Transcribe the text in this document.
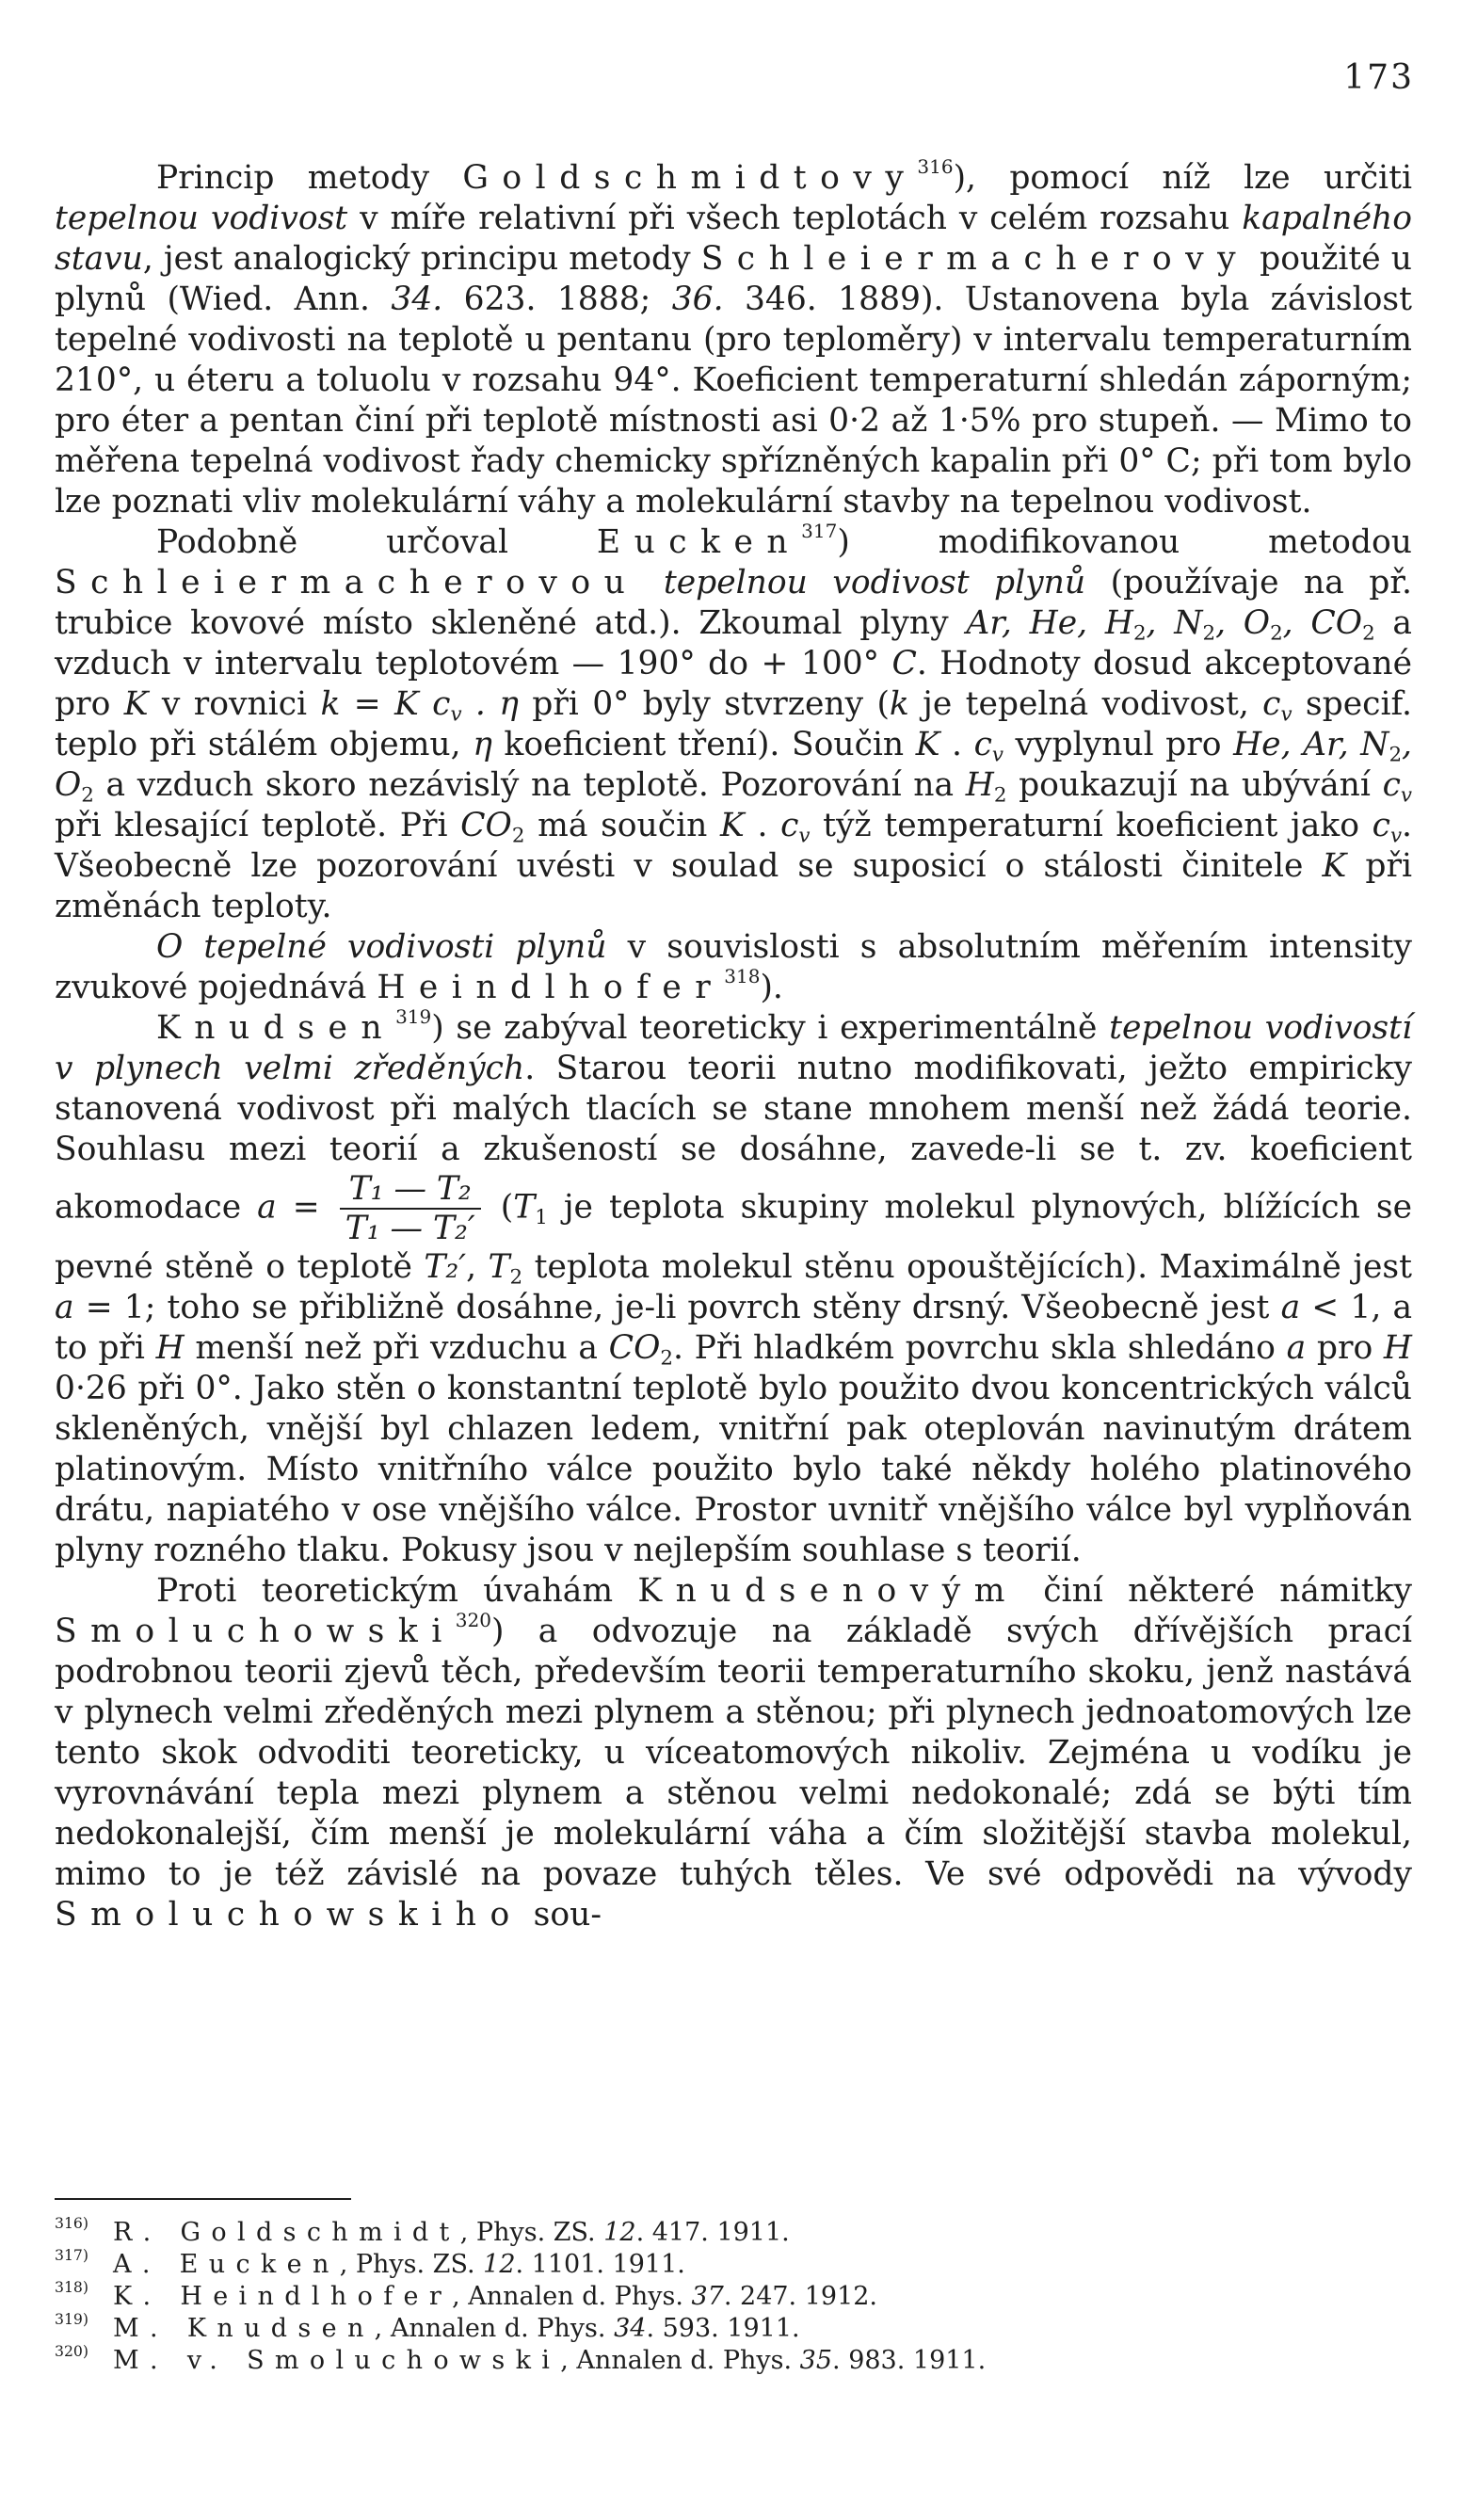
173

Princip metody Goldschmidtovy$^{316}$), pomocí níž lze určiti tepelnou vodivost v míře relativní při všech teplotách v celém rozsahu kapalného stavu, jest analogický principu metody Schleiermacherovy použité u plynů (Wied. Ann. 34. 623. 1888; 36. 346. 1889). Ustanovena byla závislost tepelné vodivosti na teplotě u pentanu (pro teploměry) v intervalu temperaturním 210°, u éteru a toluolu v rozsahu 94°. Koeficient temperaturní shledán záporným; pro éter a pentan činí při teplotě místnosti asi 0·2 až 1·5% pro stupeň. — Mimo to měřena tepelná vodivost řady chemicky spřízněných kapalin při 0° C; při tom bylo lze poznati vliv molekulární váhy a molekulární stavby na tepelnou vodivost.

Podobně určoval Eucken$^{317}$) modifikovanou metodou Schleiermacherovou tepelnou vodivost plynů (používaje na př. trubice kovové místo skleněné atd.). Zkoumal plyny Ar, He, $H_2$, $N_2$, $O_2$, $CO_2$ a vzduch v intervalu teplotovém — 190° do + 100° C. Hodnoty dosud akceptované pro K v rovnici k = K $c_v$ . η při 0° byly stvrzeny (k je tepelná vodivost, $c_v$ specif. teplo při stálém objemu, η koeficient tření). Součin K . $c_v$ vyplynul pro He, Ar, $N_2$, $O_2$ a vzduch skoro nezávislý na teplotě. Pozorování na $H_2$ poukazují na ubývání $c_v$ při klesající teplotě. Při $CO_2$ má součin K . $c_v$ týž temperaturní koeficient jako $c_v$. Všeobecně lze pozorování uvésti v soulad se suposicí o stálosti činitele K při změnách teploty.

O tepelné vodivosti plynů v souvislosti s absolutním měřením intensity zvukové pojednává Heindlhofer$^{318}$).

Knudsen$^{319}$) se zabýval teoreticky i experimentálně tepelnou vodivostí v plynech velmi zředěných. Starou teorii nutno modifikovati, ježto empiricky stanovená vodivost při malých tlacích se stane mnohem menší než žádá teorie. Souhlasu mezi teorií a zkušeností se dosáhne, zavede-li se t. zv. koeficient akomodace $a = \frac{\text{T₁ — T₂}}{\text{T₁ — T₂′}} (T_1$ je teplota skupiny molekul plynových, blížících se pevné stěně o teplotě T₂′, $T_2$ teplota molekul stěnu opouštějících). Maximálně jest a = 1; toho se přibližně dosáhne, je-li povrch stěny drsný. Všeobecně jest a < 1, a to při H menší než při vzduchu a $CO_2$. Při hladkém povrchu skla shledáno a pro H 0·26 při 0°. Jako stěn o konstantní teplotě bylo použito dvou koncentrických válců skleněných, vnější byl chlazen ledem, vnitřní pak oteplován navinutým drátem platinovým. Místo vnitřního válce použito bylo také někdy holého platinového drátu, napiatého v ose vnějšího válce. Prostor uvnitř vnějšího válce byl vyplňován plyny rozného tlaku. Pokusy jsou v nejlepším souhlase s teorií.

Proti teoretickým úvahám Knudsenovým činí některé námitky Smoluchowski$^{320}$) a odvozuje na základě svých dřívějších prací podrobnou teorii zjevů těch, především teorii temperaturního skoku, jenž nastává v plynech velmi zředěných mezi plynem a stěnou; při plynech jednoatomových lze tento skok odvoditi teoreticky, u víceatomových nikoliv. Zejména u vodíku je vyrovnávání tepla mezi plynem a stěnou velmi nedokonalé; zdá se býti tím nedokonalejší, čím menší je molekulární váha a čím složitější stavba molekul, mimo to je též závislé na povaze tuhých těles. Ve své odpovědi na vývody Smoluchowskiho sou-

$^{316)}$ R. Goldschmidt, Phys. ZS. 12. 417. 1911.
$^{317)}$ A. Eucken, Phys. ZS. 12. 1101. 1911.
$^{318)}$ K. Heindlhofer, Annalen d. Phys. 37. 247. 1912.
$^{319)}$ M. Knudsen, Annalen d. Phys. 34. 593. 1911.
$^{320)}$ M. v. Smoluchowski, Annalen d. Phys. 35. 983. 1911.
